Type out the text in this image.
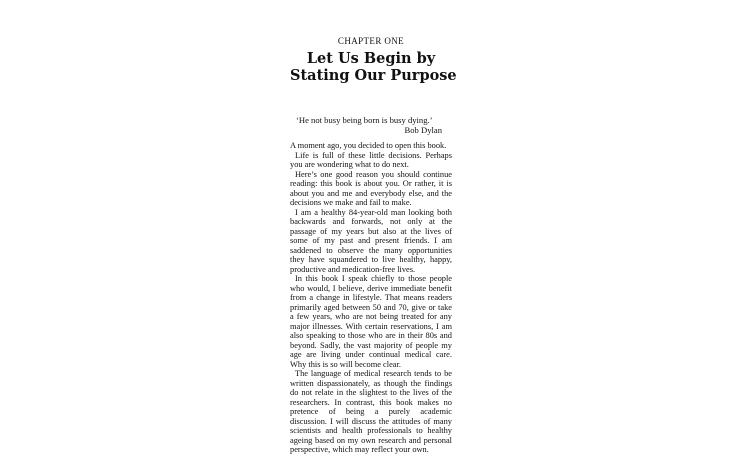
CHAPTER ONE
Let Us Begin by
Stating Our Purpose
‘He not busy being born is busy dying.’
Bob Dylan

A moment ago, you decided to open this book.

Life is full of these little decisions. Perhaps
you are wondering what to do next.

Here’s one good reason you should continue
reading: this book is about you. Or rather, it is
about you and me and everybody else, and the
decisions we make and fail to make.

I am a healthy 84-year-old man looking both
backwards and forwards, not only at the
passage of my years but also at the lives of
some of my past and present friends. I am
saddened to observe the many opportunities
they have squandered to live healthy, happy,
productive and medication-free lives.

In this book I speak chiefly to those people
who would, I believe, derive immediate benefit
from a change in lifestyle. That means readers
primarily aged between 50 and 70, give or take
a few years, who are not being treated for any
major illnesses. With certain reservations, I am
also speaking to those who are in their 80s and
beyond. Sadly, the vast majority of people my
age are living under continual medical care.
Why this is so will become clear.

The language of medical research tends to be
written dispassionately, as though the findings
do not relate in the slightest to the lives of the
researchers. In contrast, this book makes no
pretence of being a purely academic
discussion. I will discuss the attitudes of many
scientists and health professionals to healthy
ageing based on my own research and personal
perspective, which may reflect your own.
